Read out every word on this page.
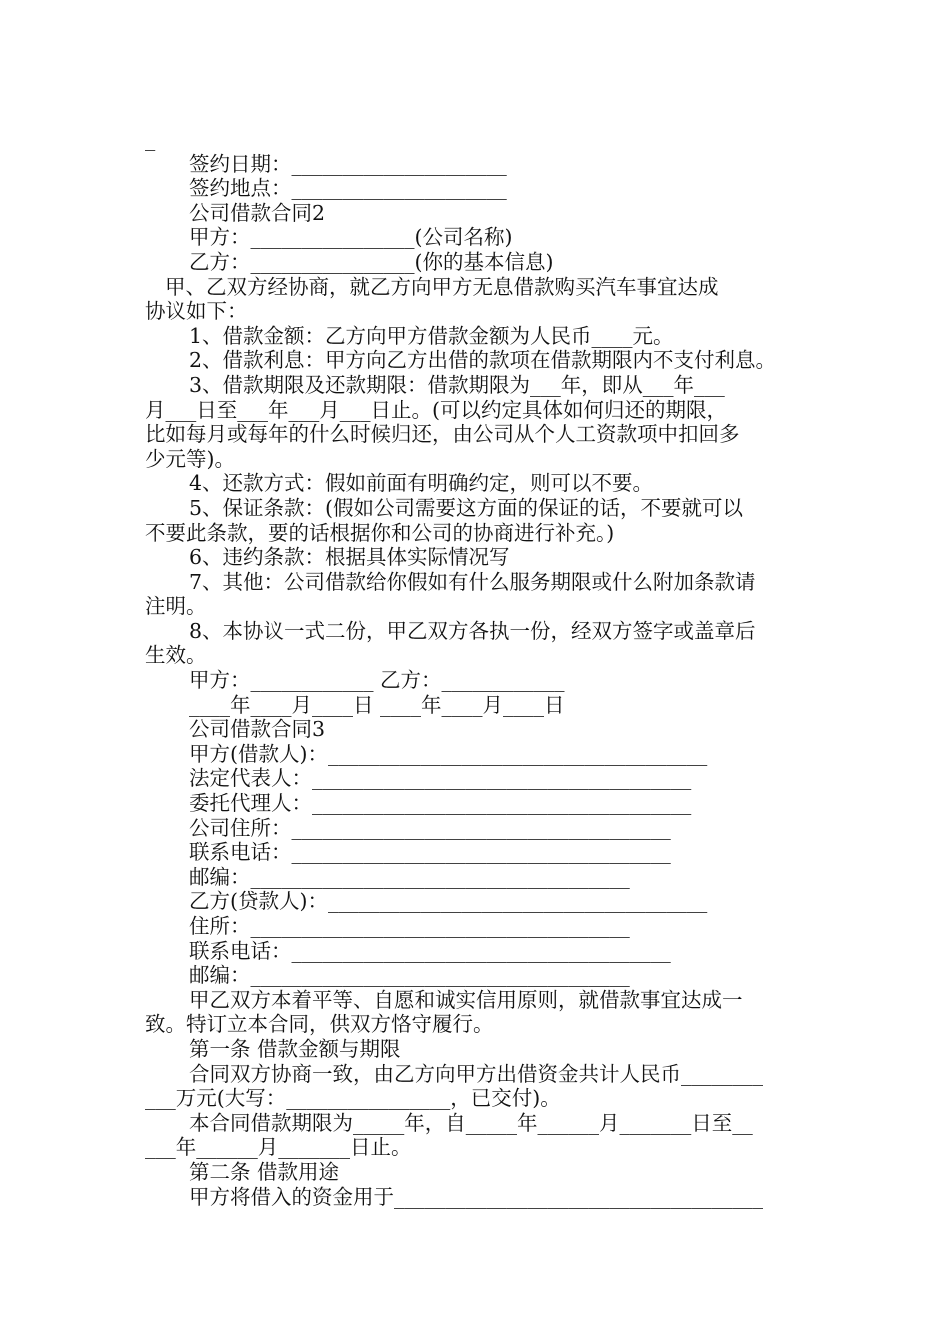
_
签约日期：_____________________
签约地点：_____________________
公司借款合同2
甲方：________________(公司名称)
乙方：________________(你的基本信息)
甲、乙双方经协商，就乙方向甲方无息借款购买汽车事宜达成
协议如下：
1、借款金额：乙方向甲方借款金额为人民币____元。
2、借款利息：甲方向乙方出借的款项在借款期限内不支付利息。
3、借款期限及还款期限：借款期限为___年，即从___年___
月___日至___年___月___日止。(可以约定具体如何归还的期限，
比如每月或每年的什么时候归还，由公司从个人工资款项中扣回多
少元等)。
4、还款方式：假如前面有明确约定，则可以不要。
5、保证条款：(假如公司需要这方面的保证的话，不要就可以
不要此条款，要的话根据你和公司的协商进行补充。)
6、违约条款：根据具体实际情况写
7、其他：公司借款给你假如有什么服务期限或什么附加条款请
注明。
8、本协议一式二份，甲乙双方各执一份，经双方签字或盖章后
生效。
甲方：____________ 乙方：____________
____年____月____日 ____年____月____日
公司借款合同3
甲方(借款人)：_____________________________________
法定代表人：_____________________________________
委托代理人：_____________________________________
公司住所：_____________________________________
联系电话：_____________________________________
邮编：_____________________________________
乙方(贷款人)：_____________________________________
住所：_____________________________________
联系电话：_____________________________________
邮编：_____________________________________
甲乙双方本着平等、自愿和诚实信用原则，就借款事宜达成一
致。特订立本合同，供双方恪守履行。
第一条 借款金额与期限
合同双方协商一致，由乙方向甲方出借资金共计人民币________
___万元(大写：________________，已交付)。
本合同借款期限为_____年，自_____年______月_______日至__
___年______月_______日止。
第二条 借款用途
甲方将借入的资金用于____________________________________
